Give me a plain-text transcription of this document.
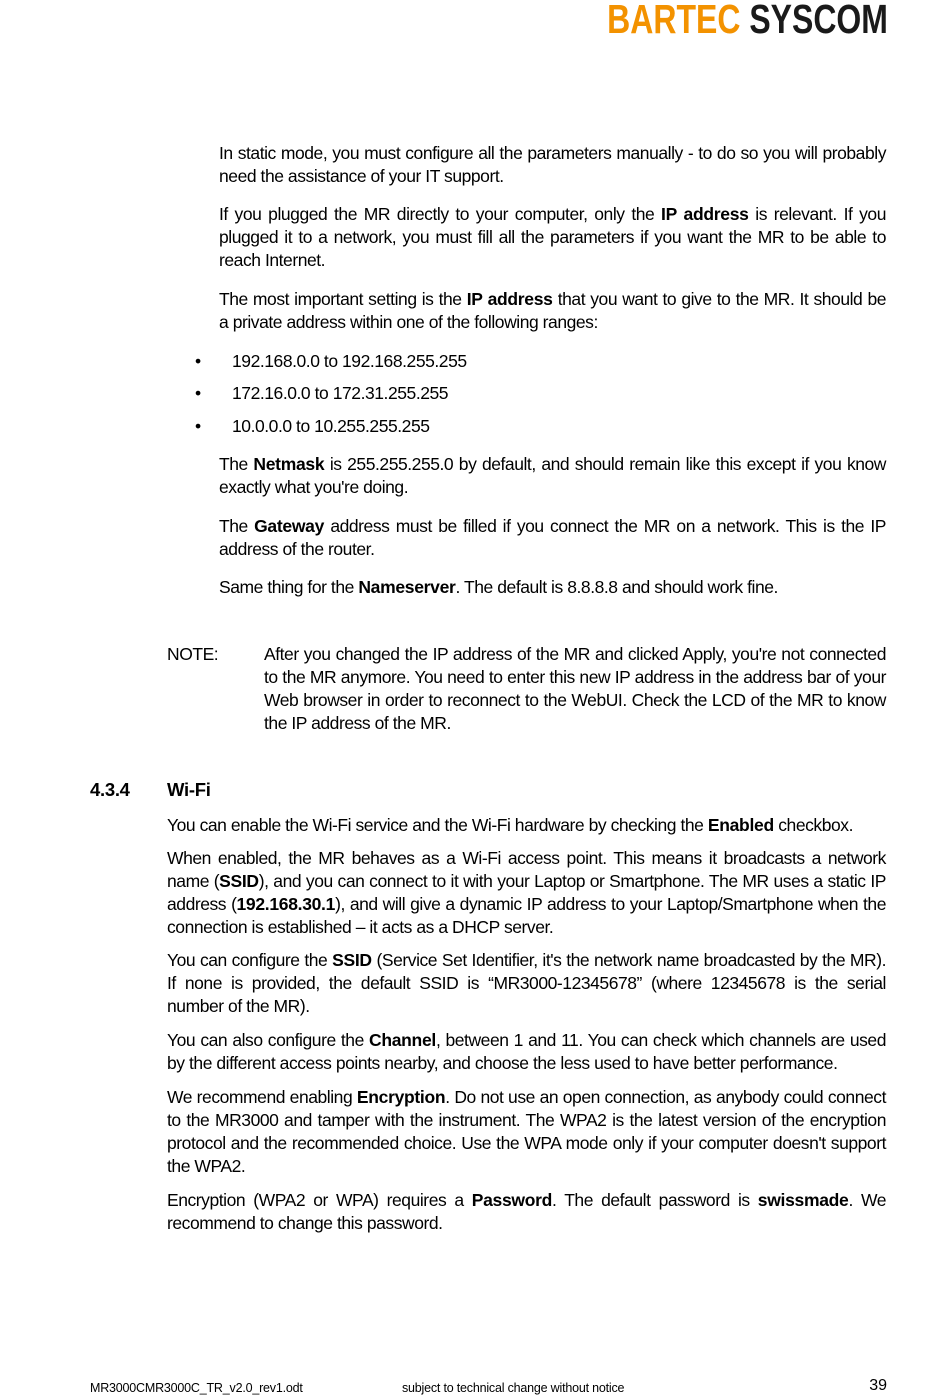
BARTEC SYSCOM

In static mode, you must configure all the parameters manually - to do so you will probably need the assistance of your IT support.

If you plugged the MR directly to your computer, only the IP address is relevant. If you plugged it to a network, you must fill all the parameters if you want the MR to be able to reach Internet.

The most important setting is the IP address that you want to give to the MR. It should be a private address within one of the following ranges:

• 192.168.0.0 to 192.168.255.255
• 172.16.0.0 to 172.31.255.255
• 10.0.0.0 to 10.255.255.255

The Netmask is 255.255.255.0 by default, and should remain like this except if you know exactly what you're doing.

The Gateway address must be filled if you connect the MR on a network. This is the IP address of the router.

Same thing for the Nameserver. The default is 8.8.8.8 and should work fine.

NOTE:	After you changed the IP address of the MR and clicked Apply, you're not connected to the MR anymore. You need to enter this new IP address in the address bar of your Web browser in order to reconnect to the WebUI. Check the LCD of the MR to know the IP address of the MR.

4.3.4 Wi-Fi

You can enable the Wi-Fi service and the Wi-Fi hardware by checking the Enabled checkbox.

When enabled, the MR behaves as a Wi-Fi access point. This means it broadcasts a network name (SSID), and you can connect to it with your Laptop or Smartphone. The MR uses a static IP address (192.168.30.1), and will give a dynamic IP address to your Laptop/Smartphone when the connection is established – it acts as a DHCP server.

You can configure the SSID (Service Set Identifier, it's the network name broadcasted by the MR). If none is provided, the default SSID is “MR3000-12345678” (where 12345678 is the serial number of the MR).

You can also configure the Channel, between 1 and 11. You can check which channels are used by the different access points nearby, and choose the less used to have better performance.

We recommend enabling Encryption. Do not use an open connection, as anybody could connect to the MR3000 and tamper with the instrument. The WPA2 is the latest version of the encryption protocol and the recommended choice. Use the WPA mode only if your computer doesn't support the WPA2.

Encryption (WPA2 or WPA) requires a Password. The default password is swissmade. We recommend to change this password.

MR3000CMR3000C_TR_v2.0_rev1.odt	subject to technical change without notice	39
